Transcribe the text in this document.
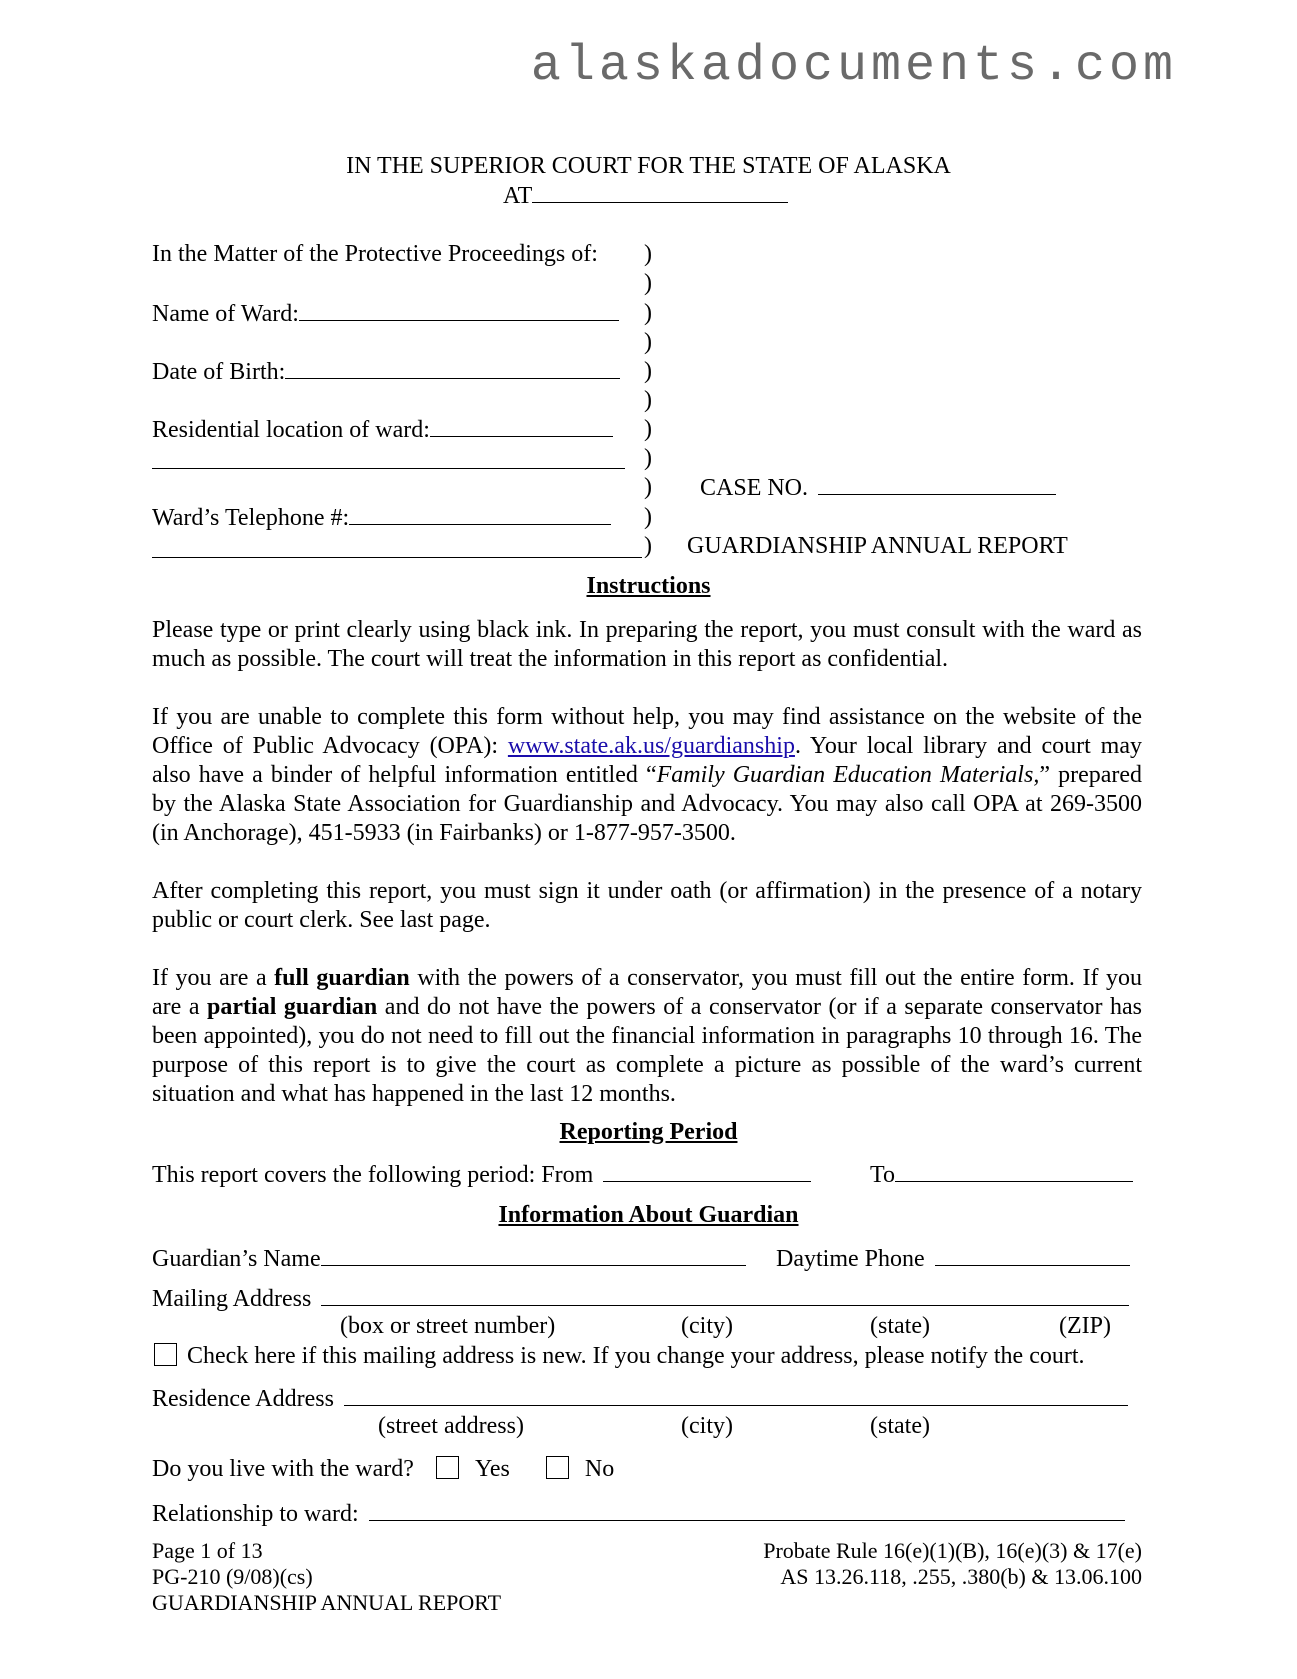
alaskadocuments.com
IN THE SUPERIOR COURT FOR THE STATE OF ALASKA
AT
In the Matter of the Protective Proceedings of:
Name of Ward:
Date of Birth:
Residential location of ward:
Ward’s Telephone #:
)
)
)
)
)
)
)
)
)
)
)
CASE NO.
GUARDIANSHIP ANNUAL REPORT
Instructions

Please type or print clearly using black ink. In preparing the report, you must consult with the ward as much as possible. The court will treat the information in this report as confidential.

If you are unable to complete this form without help, you may find assistance on the website of the Office of Public Advocacy (OPA): www.state.ak.us/guardianship. Your local library and court may also have a binder of helpful information entitled “Family Guardian Education Materials,” prepared by the Alaska State Association for Guardianship and Advocacy. You may also call OPA at 269-3500 (in Anchorage), 451-5933 (in Fairbanks) or 1-877-957-3500.

After completing this report, you must sign it under oath (or affirmation) in the presence of a notary public or court clerk. See last page.

If you are a full guardian with the powers of a conservator, you must fill out the entire form. If you are a partial guardian and do not have the powers of a conservator (or if a separate conservator has been appointed), you do not need to fill out the financial information in paragraphs 10 through 16. The purpose of this report is to give the court as complete a picture as possible of the ward’s current situation and what has happened in the last 12 months.

Reporting Period
This report covers the following period: From	To
Information About Guardian
Guardian’s Name	Daytime Phone
Mailing Address
(box or street number)	(city)	(state)	(ZIP)
Check here if this mailing address is new. If you change your address, please notify the court.
Residence Address
(street address)	(city)	(state)
Do you live with the ward?	Yes	No
Relationship to ward:
Page 1 of 13
PG-210 (9/08)(cs)
GUARDIANSHIP ANNUAL REPORT
Probate Rule 16(e)(1)(B), 16(e)(3) & 17(e)
AS 13.26.118, .255, .380(b) & 13.06.100
